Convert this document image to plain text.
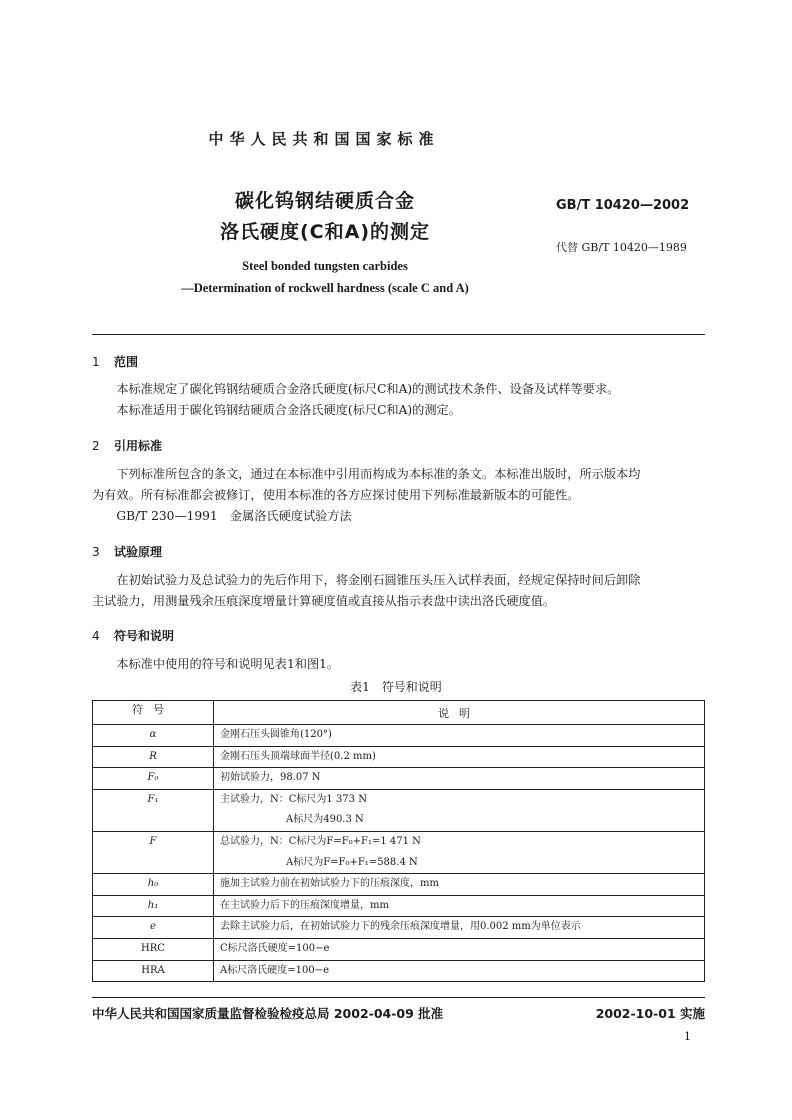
中华人民共和国国家标准
碳化钨钢结硬质合金
洛氏硬度(C和A)的测定
GB/T 10420—2002
代替 GB/T 10420—1989
Steel bonded tungsten carbides
—Determination of rockwell hardness (scale C and A)
1 范围
　　本标准规定了碳化钨钢结硬质合金洛氏硬度(标尺C和A)的测试技术条件、设备及试样等要求。
　　本标准适用于碳化钨钢结硬质合金洛氏硬度(标尺C和A)的测定。
2 引用标准
　　下列标准所包含的条文，通过在本标准中引用而构成为本标准的条文。本标准出版时，所示版本均
为有效。所有标准都会被修订，使用本标准的各方应探讨使用下列标准最新版本的可能性。
　　GB/T 230—1991　金属洛氏硬度试验方法
3 试验原理
　　在初始试验力及总试验力的先后作用下，将金刚石圆锥压头压入试样表面，经规定保持时间后卸除
主试验力，用测量残余压痕深度增量计算硬度值或直接从指示表盘中读出洛氏硬度值。
4 符号和说明
　　本标准中使用的符号和说明见表1和图1。
表1　符号和说明
符号	说明

α	金刚石压头圆锥角(120°)

R	金刚石压头顶端球面半径(0.2 mm)

F₀	初始试验力，98.07 N

F₁	主试验力，N：C标尺为1 373 N
A标尺为490.3 N

F	总试验力，N：C标尺为F=F₀+F₁=1 471 N
A标尺为F=F₀+F₁=588.4 N

h₀	施加主试验力前在初始试验力下的压痕深度，mm

h₁	在主试验力后下的压痕深度增量，mm

e	去除主试验力后，在初始试验力下的残余压痕深度增量，用0.002 mm为单位表示

HRC	C标尺洛氏硬度=100−e

HRA	A标尺洛氏硬度=100−e
中华人民共和国国家质量监督检验检疫总局 2002-04-09 批准	2002-10-01 实施
1
